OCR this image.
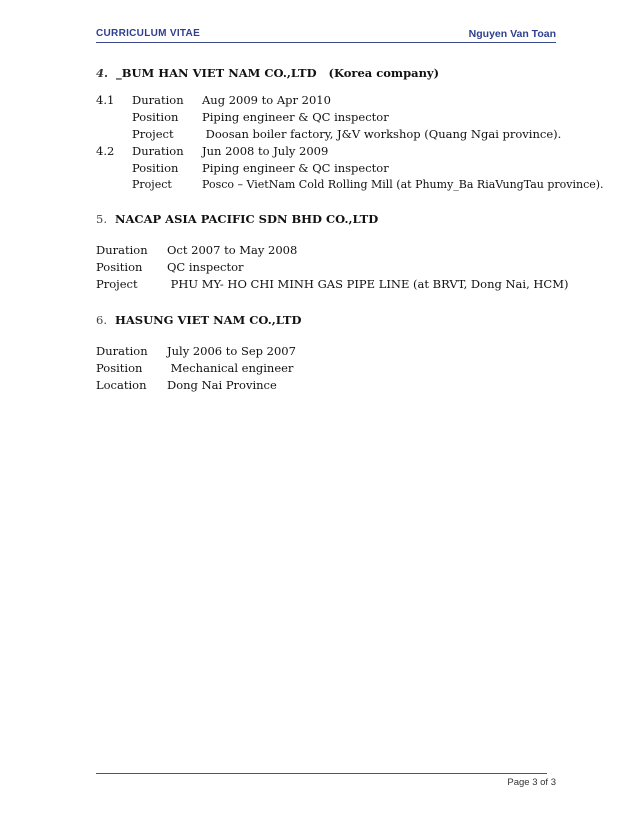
CURRICULUM VITAE	Nguyen Van Toan
4. _BUM HAN VIET NAM CO.,LTD   (Korea company)
4.1 Duration Aug 2009 to Apr 2010
Position Piping engineer & QC inspector
Project Doosan boiler factory, J&V workshop (Quang Ngai province).
4.2 Duration Jun 2008 to July 2009
Position Piping engineer & QC inspector
Project	Posco – VietNam Cold Rolling Mill (at Phumy_Ba RiaVungTau province).
5. NACAP ASIA PACIFIC SDN BHD CO.,LTD
Duration Oct 2007 to May 2008
Position QC inspector
Project	PHU MY- HO CHI MINH GAS PIPE LINE (at BRVT, Dong Nai, HCM)
6. HASUNG VIET NAM CO.,LTD
Duration July 2006 to Sep 2007
Position Mechanical engineer
Location Dong Nai Province
Page 3 of 3
